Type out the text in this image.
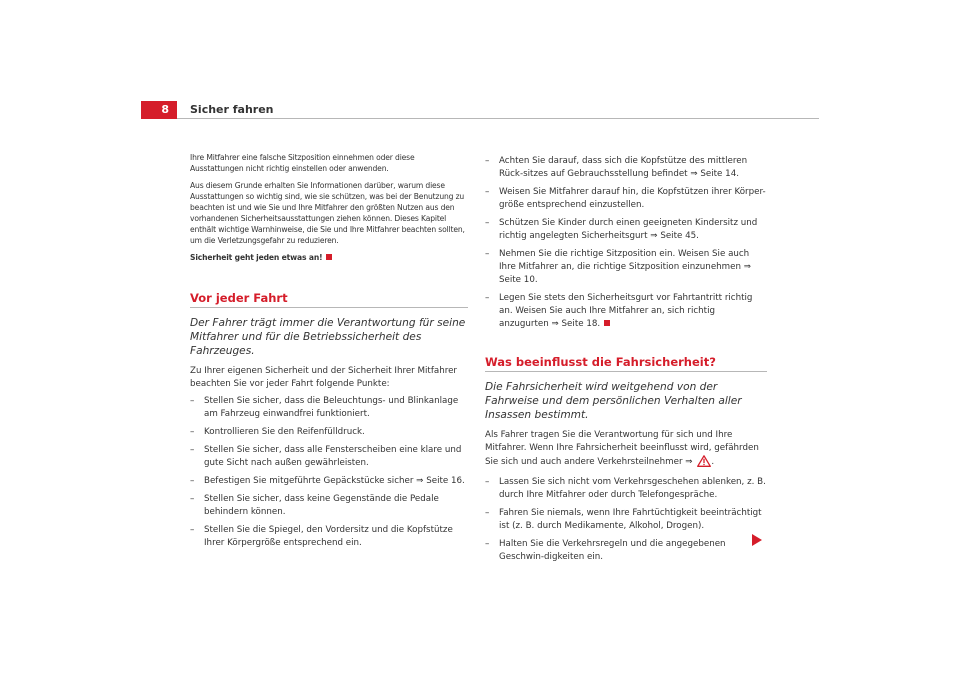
8	Sicher fahren

Ihre Mitfahrer eine falsche Sitzposition einnehmen oder diese Ausstattungen nicht richtig einstellen oder anwenden.

Aus diesem Grunde erhalten Sie Informationen darüber, warum diese Ausstattungen so wichtig sind, wie sie schützen, was bei der Benutzung zu beachten ist und wie Sie und Ihre Mitfahrer den größten Nutzen aus den vorhandenen Sicherheitsausstattungen ziehen können. Dieses Kapitel enthält wichtige Warnhinweise, die Sie und Ihre Mitfahrer beachten sollten, um die Verletzungsgefahr zu reduzieren.

Sicherheit geht jeden etwas an!

Vor jeder Fahrt

Der Fahrer trägt immer die Verantwortung für seine Mitfahrer und für die Betriebssicherheit des Fahrzeuges.

Zu Ihrer eigenen Sicherheit und der Sicherheit Ihrer Mitfahrer beachten Sie vor jeder Fahrt folgende Punkte:

– Stellen Sie sicher, dass die Beleuchtungs- und Blinkanlage am Fahrzeug einwandfrei funktioniert.
– Kontrollieren Sie den Reifenfülldruck.
– Stellen Sie sicher, dass alle Fensterscheiben eine klare und gute Sicht nach außen gewährleisten.
– Befestigen Sie mitgeführte Gepäckstücke sicher ⇒ Seite 16.
– Stellen Sie sicher, dass keine Gegenstände die Pedale behindern können.
– Stellen Sie die Spiegel, den Vordersitz und die Kopfstütze Ihrer Körpergröße entsprechend ein.
– Achten Sie darauf, dass sich die Kopfstütze des mittleren Rück-sitzes auf Gebrauchsstellung befindet ⇒ Seite 14.
– Weisen Sie Mitfahrer darauf hin, die Kopfstützen ihrer Körper-größe entsprechend einzustellen.
– Schützen Sie Kinder durch einen geeigneten Kindersitz und richtig angelegten Sicherheitsgurt ⇒ Seite 45.
– Nehmen Sie die richtige Sitzposition ein. Weisen Sie auch Ihre Mitfahrer an, die richtige Sitzposition einzunehmen ⇒ Seite 10.
– Legen Sie stets den Sicherheitsgurt vor Fahrtantritt richtig an. Weisen Sie auch Ihre Mitfahrer an, sich richtig anzugurten ⇒ Seite 18.
Was beeinflusst die Fahrsicherheit?

Die Fahrsicherheit wird weitgehend von der Fahrweise und dem persönlichen Verhalten aller Insassen bestimmt.

Als Fahrer tragen Sie die Verantwortung für sich und Ihre Mitfahrer. Wenn Ihre Fahrsicherheit beeinflusst wird, gefährden Sie sich und auch andere Verkehrsteilnehmer ⇒ .

– Lassen Sie sich nicht vom Verkehrsgeschehen ablenken, z. B. durch Ihre Mitfahrer oder durch Telefongespräche.
– Fahren Sie niemals, wenn Ihre Fahrtüchtigkeit beeinträchtigt ist (z. B. durch Medikamente, Alkohol, Drogen).
– Halten Sie die Verkehrsregeln und die angegebenen Geschwin-digkeiten ein.
